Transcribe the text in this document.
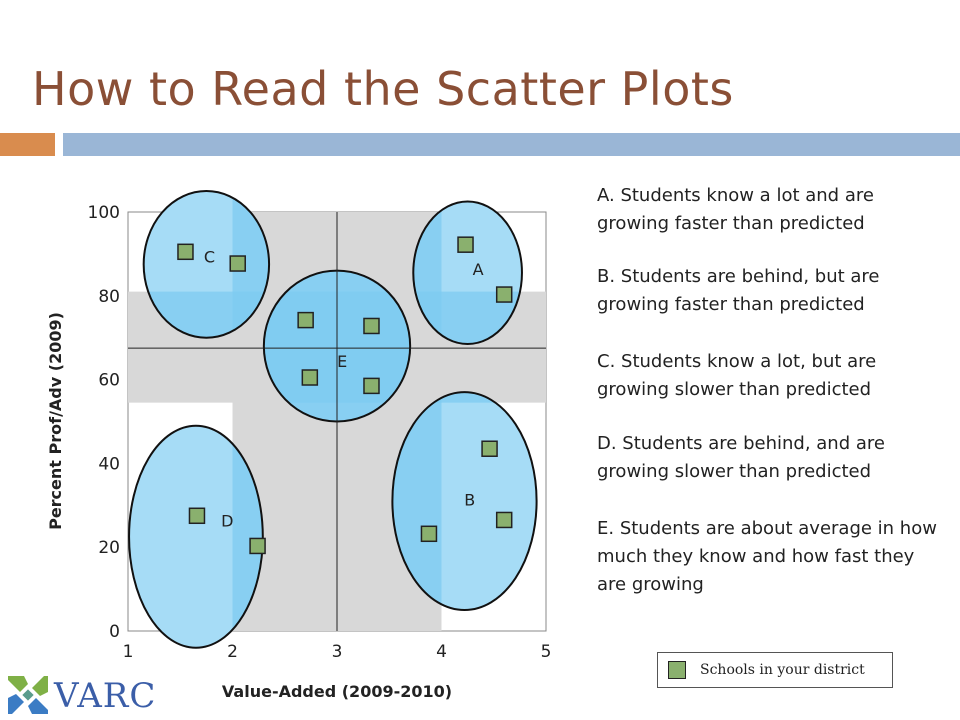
How to Read the Scatter Plots
A
B
C
D
E
1	2	3	4	5
0
20
40
60
80
100
Value-Added (2009-2010)
Percent Prof/Adv (2009)
A. Students know a lot and are growing faster than predicted
B. Students are behind, but are growing faster than predicted
C. Students know a lot, but are growing slower than predicted
D. Students are behind, and are growing slower than predicted
E. Students are about average in how much they know and how fast they are growing
Schools in your district
VARC
